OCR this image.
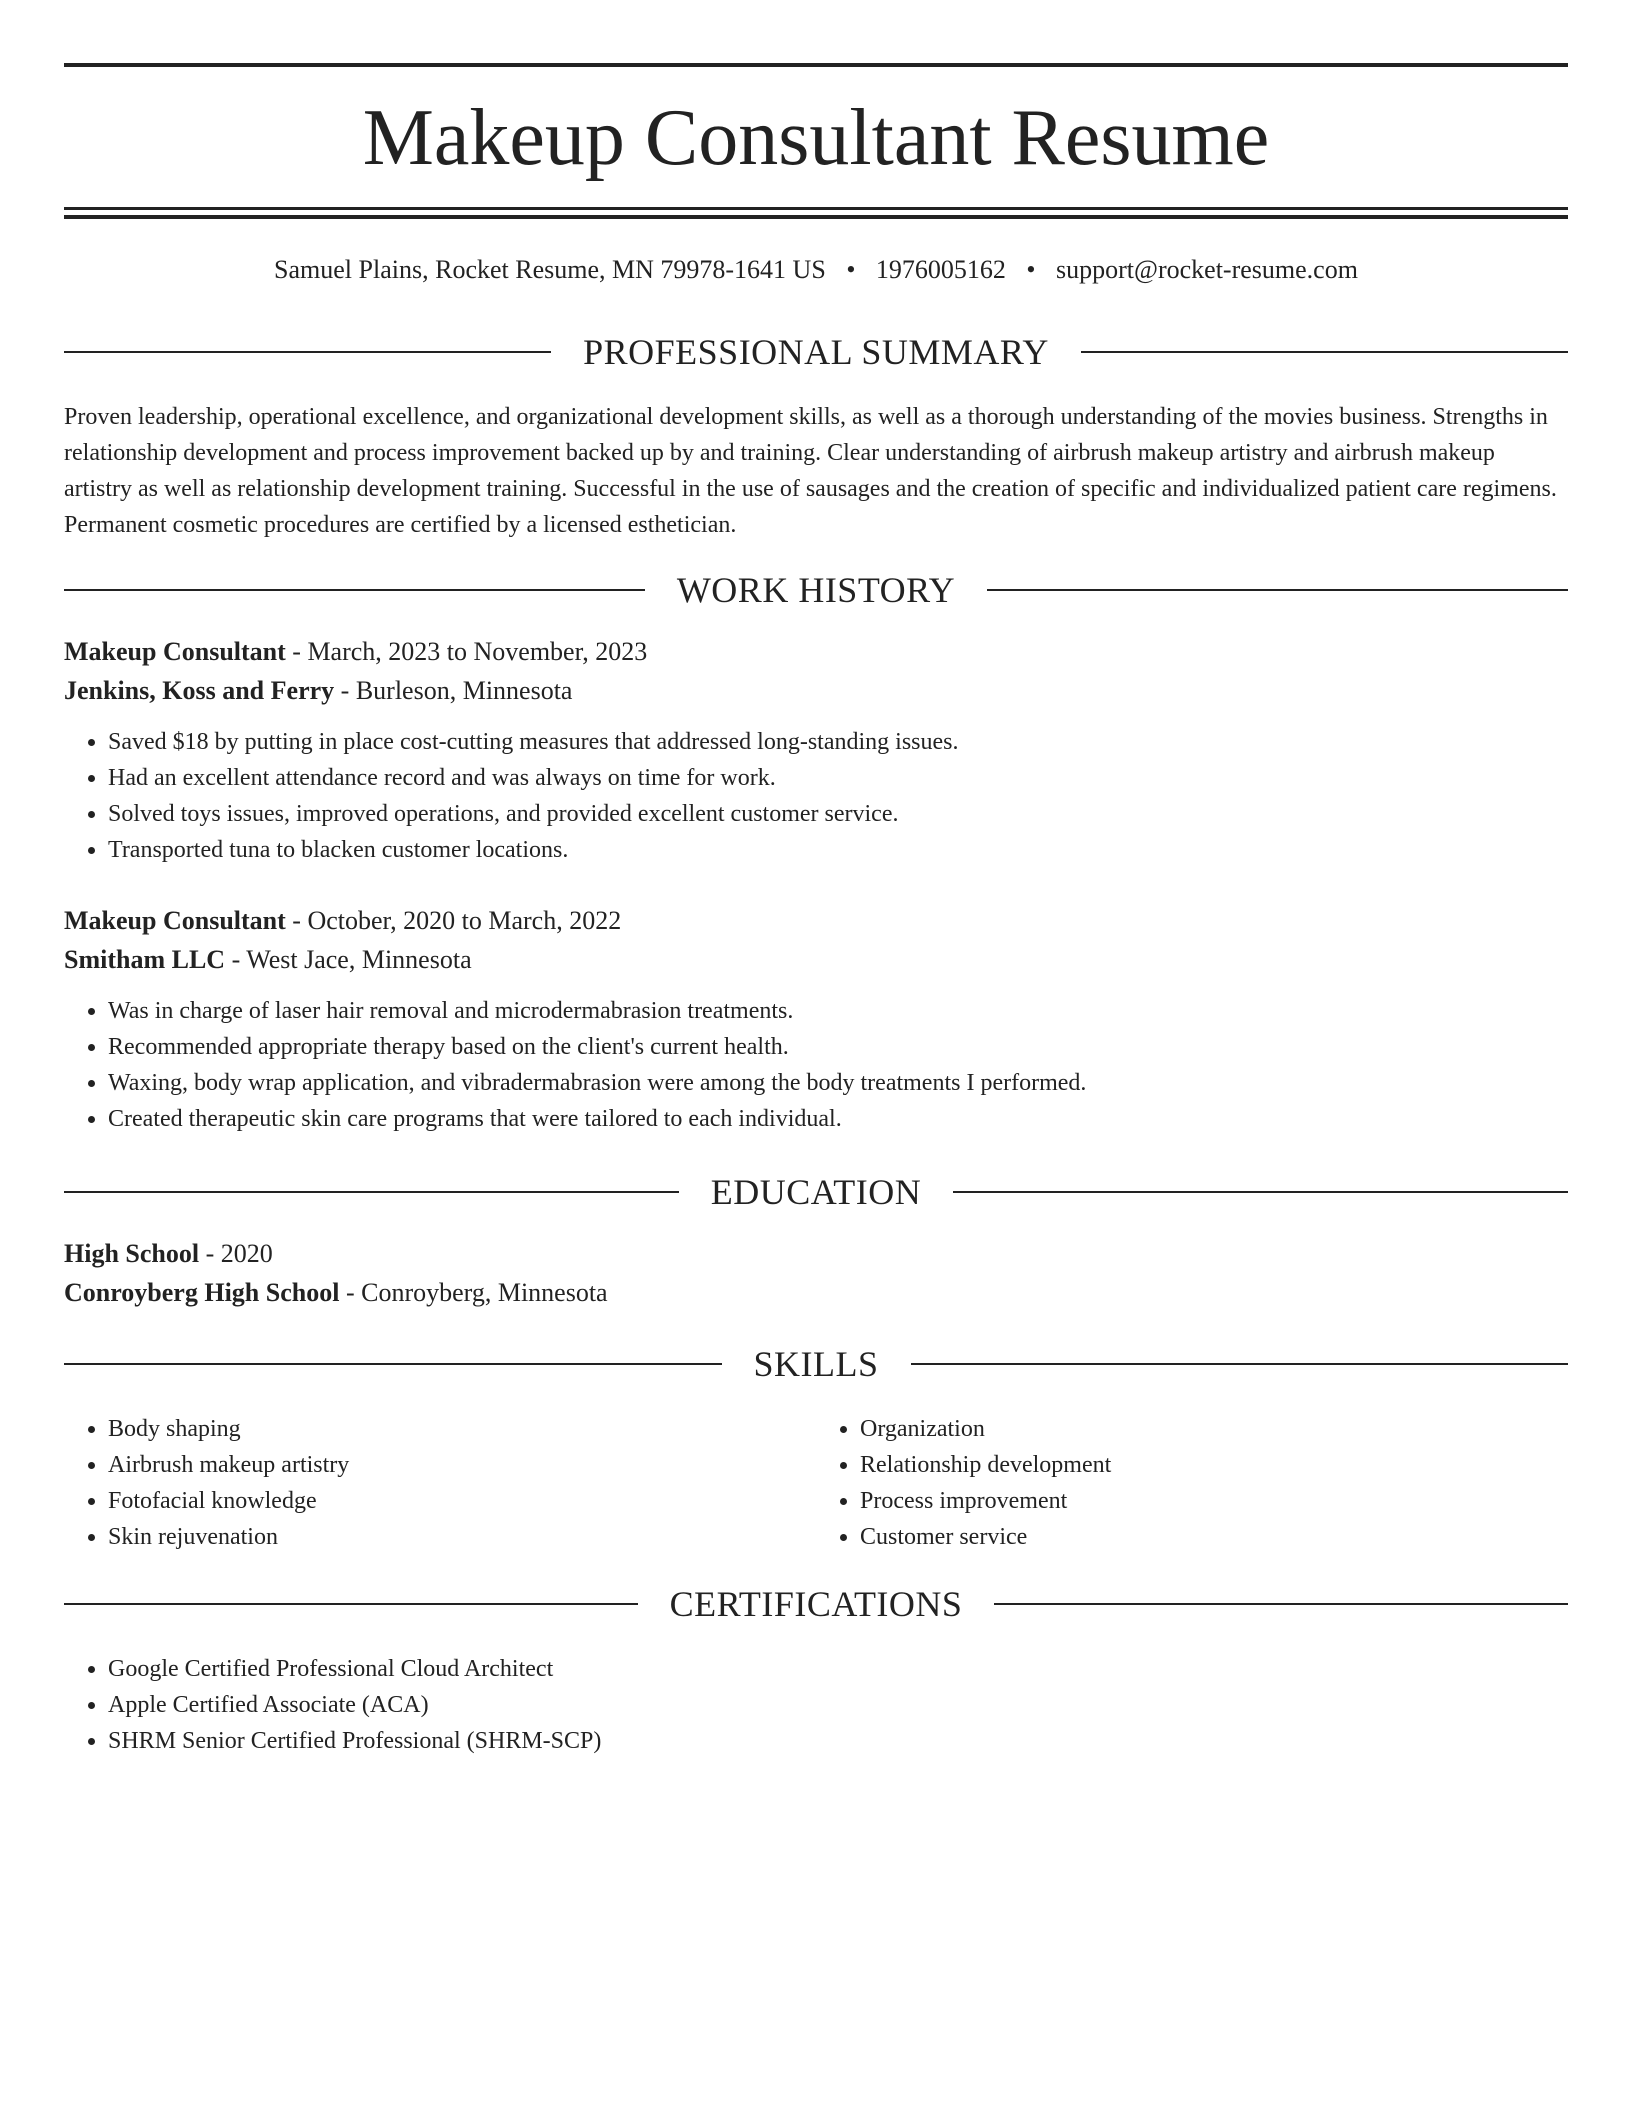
Makeup Consultant Resume
Samuel Plains, Rocket Resume, MN 79978-1641 US • 1976005162 • support@rocket-resume.com
PROFESSIONAL SUMMARY

Proven leadership, operational excellence, and organizational development skills, as well as a thorough understanding of the movies business. Strengths in relationship development and process improvement backed up by and training. Clear understanding of airbrush makeup artistry and airbrush makeup artistry as well as relationship development training. Successful in the use of sausages and the creation of specific and individualized patient care regimens. Permanent cosmetic procedures are certified by a licensed esthetician.

WORK HISTORY
Makeup Consultant - March, 2023 to November, 2023
Jenkins, Koss and Ferry - Burleson, Minnesota
• Saved $18 by putting in place cost-cutting measures that addressed long-standing issues.
• Had an excellent attendance record and was always on time for work.
• Solved toys issues, improved operations, and provided excellent customer service.
• Transported tuna to blacken customer locations.
Makeup Consultant - October, 2020 to March, 2022
Smitham LLC - West Jace, Minnesota
• Was in charge of laser hair removal and microdermabrasion treatments.
• Recommended appropriate therapy based on the client's current health.
• Waxing, body wrap application, and vibradermabrasion were among the body treatments I performed.
• Created therapeutic skin care programs that were tailored to each individual.
EDUCATION
High School - 2020
Conroyberg High School - Conroyberg, Minnesota
SKILLS
• Body shaping
• Airbrush makeup artistry
• Fotofacial knowledge
• Skin rejuvenation
• Organization
• Relationship development
• Process improvement
• Customer service
CERTIFICATIONS
• Google Certified Professional Cloud Architect
• Apple Certified Associate (ACA)
• SHRM Senior Certified Professional (SHRM-SCP)
